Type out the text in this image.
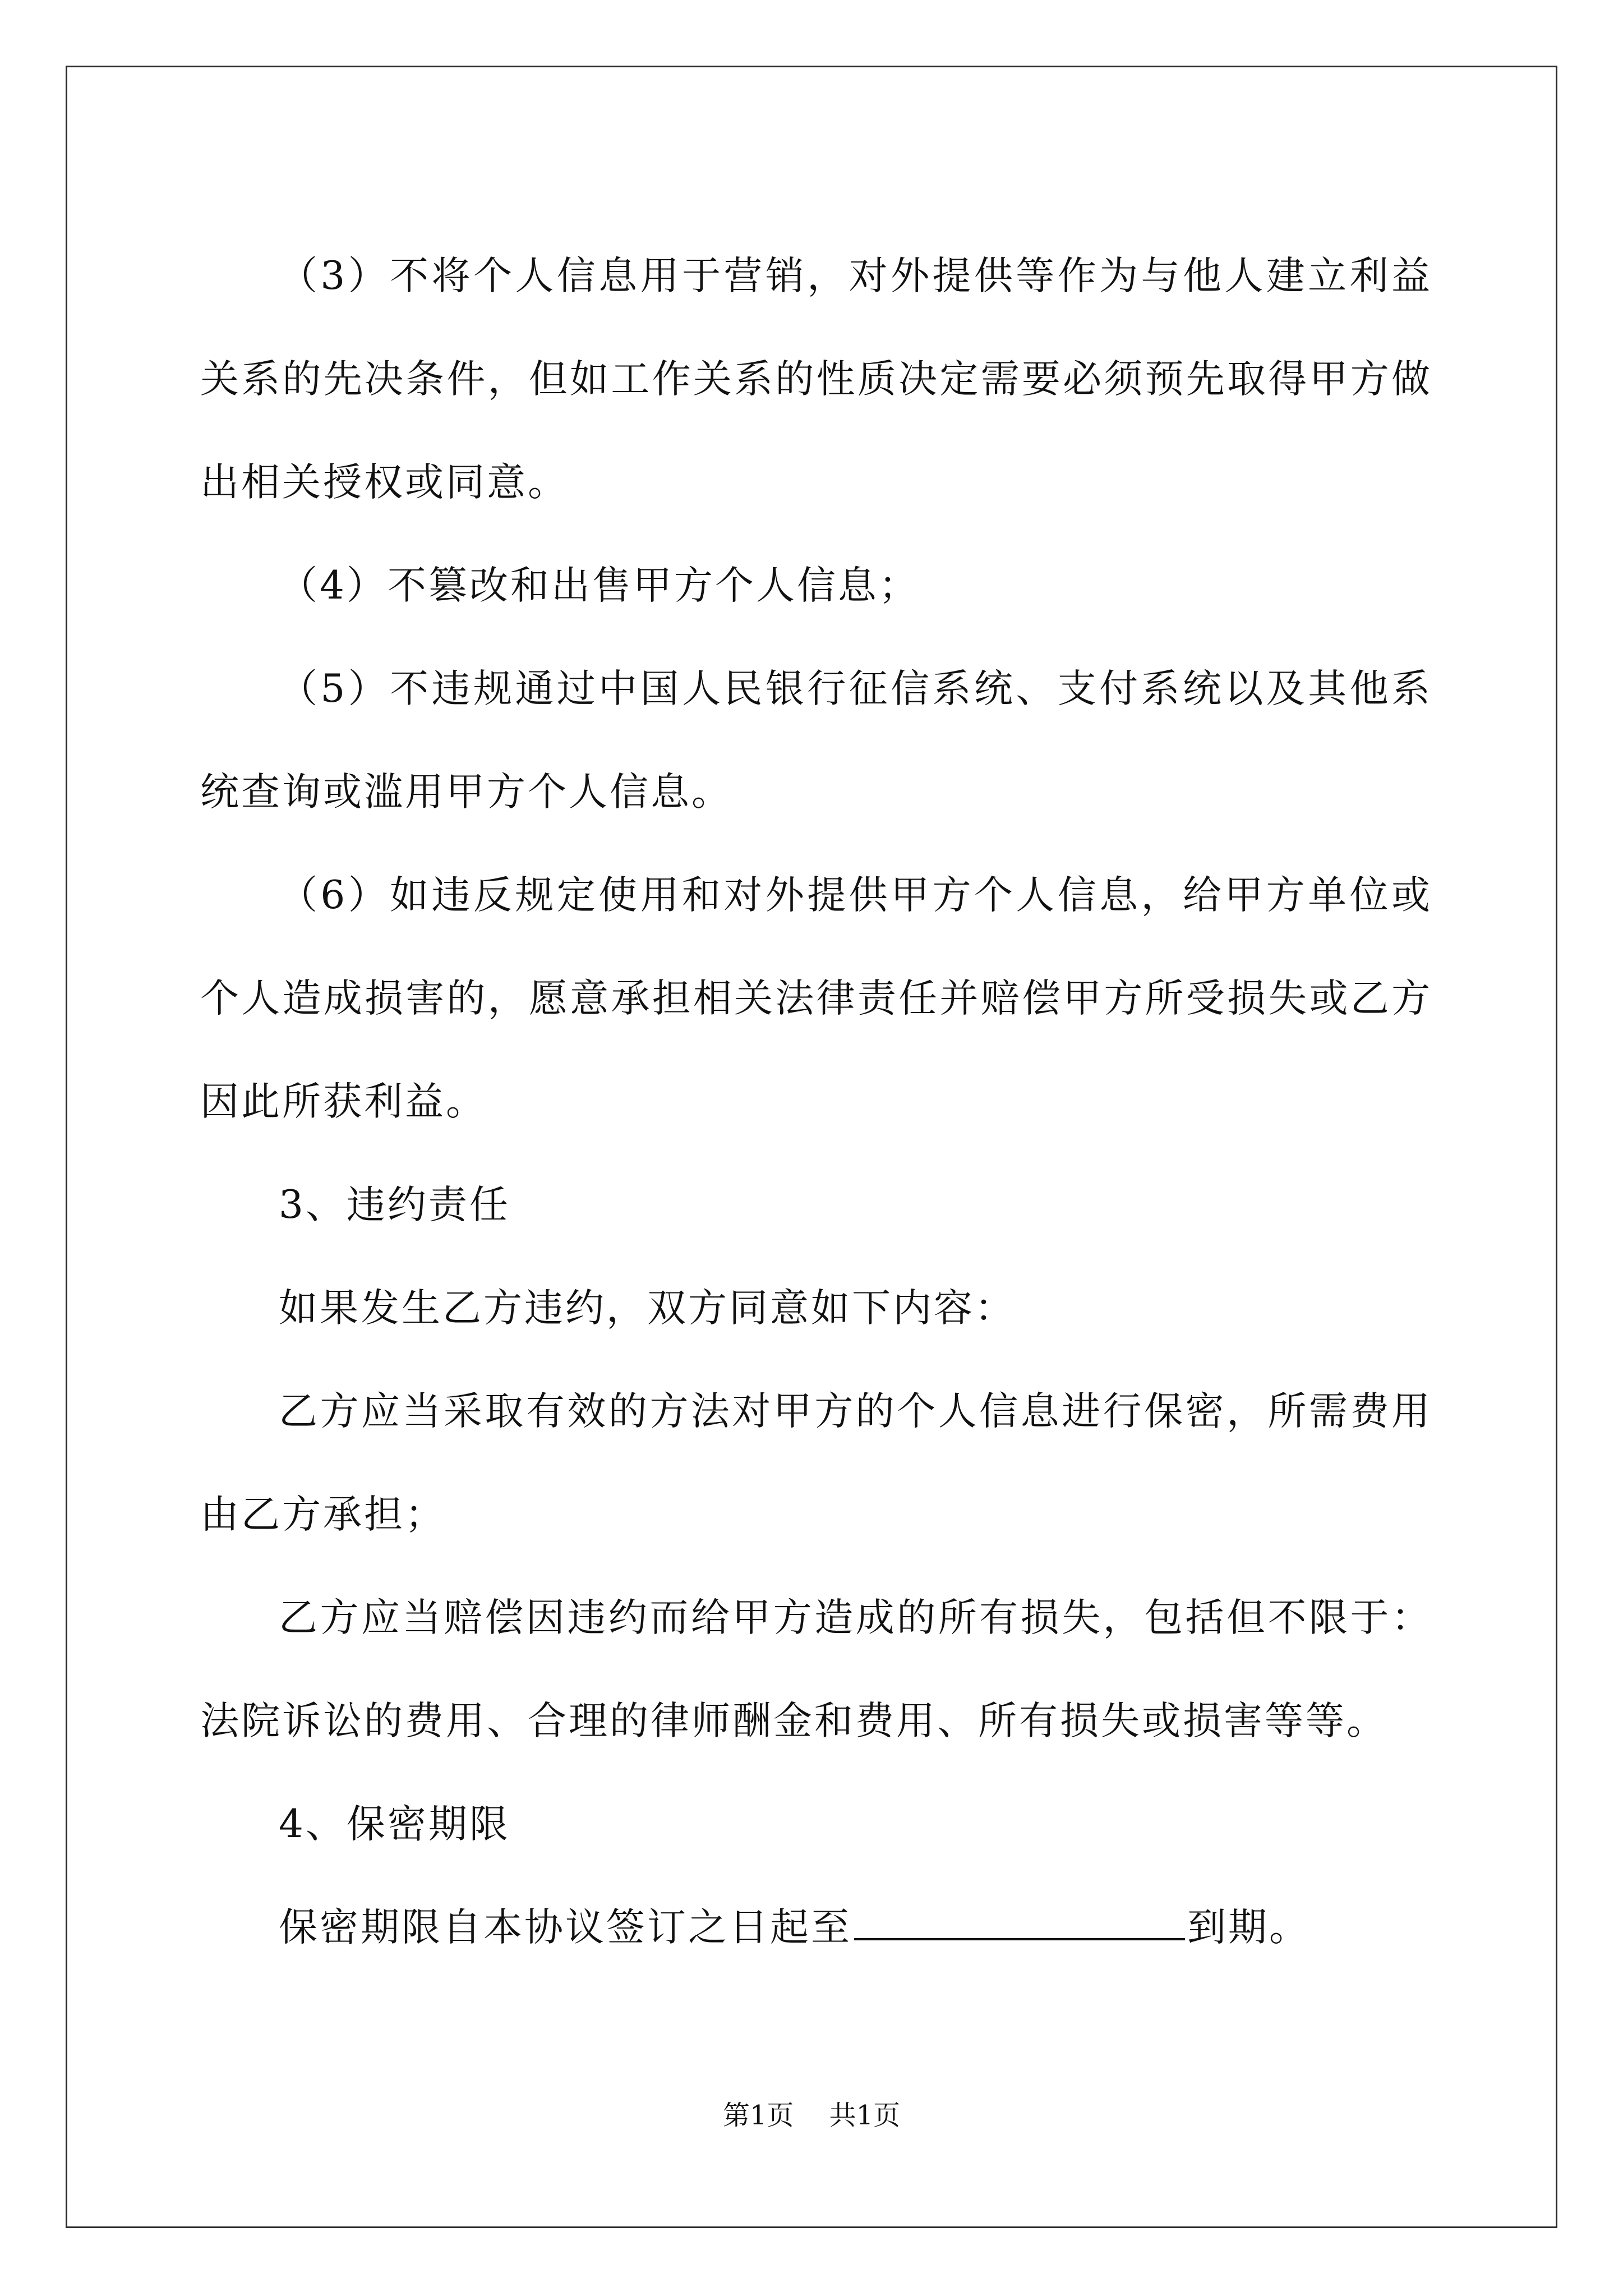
（3）不将个人信息用于营销，对外提供等作为与他人建立利益关系的先决条件，但如工作关系的性质决定需要必须预先取得甲方做出相关授权或同意。

（4）不篡改和出售甲方个人信息；

（5）不违规通过中国人民银行征信系统、支付系统以及其他系统查询或滥用甲方个人信息。

（6）如违反规定使用和对外提供甲方个人信息，给甲方单位或个人造成损害的，愿意承担相关法律责任并赔偿甲方所受损失或乙方因此所获利益。

3、违约责任

如果发生乙方违约，双方同意如下内容：

乙方应当采取有效的方法对甲方的个人信息进行保密，所需费用由乙方承担；

乙方应当赔偿因违约而给甲方造成的所有损失，包括但不限于：法院诉讼的费用、合理的律师酬金和费用、所有损失或损害等等。

4、保密期限

保密期限自本协议签订之日起至	到期。

第1页 共1页
